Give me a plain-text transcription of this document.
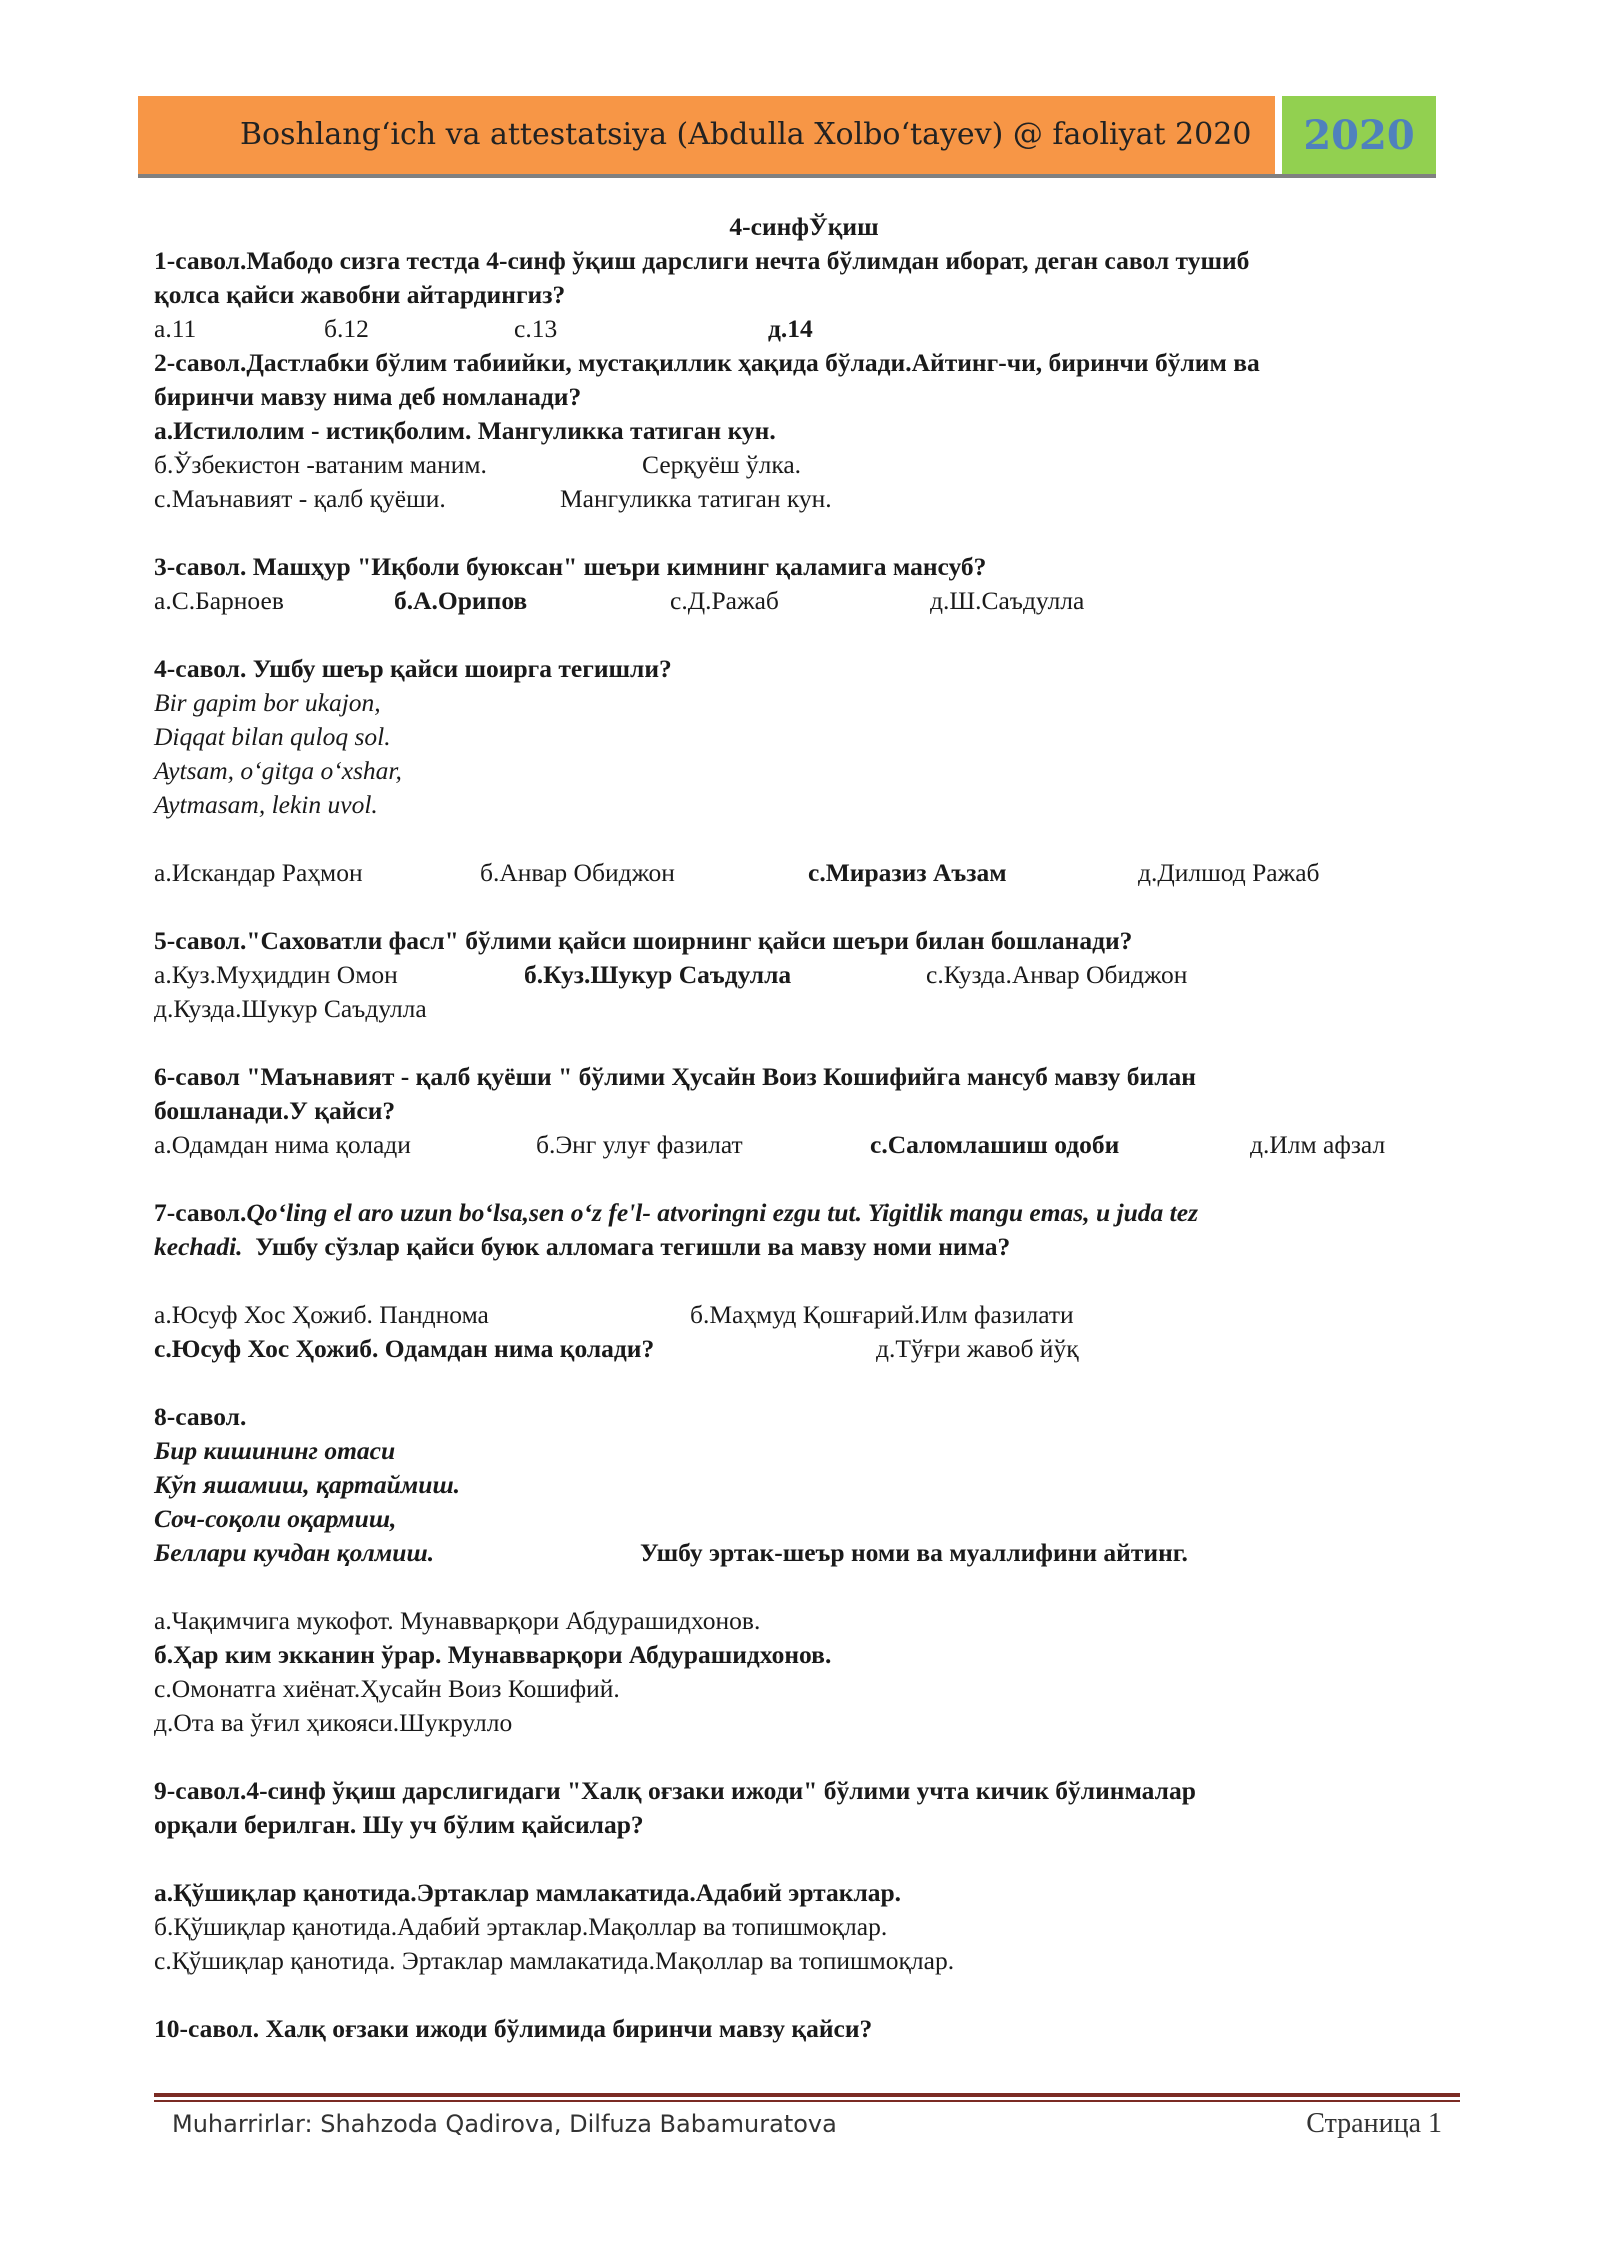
Boshlang‘ich va attestatsiya (Abdulla Xolbo‘tayev) @ faoliyat 2020	2020
4-синфЎқиш
1-савол.Мабодо сизга тестда 4-синф ўқиш дарслиги нечта бўлимдан иборат, деган савол тушиб
қолса қайси жавобни айтардингиз?
а.11	б.12	с.13	д.14
2-савол.Дастлабки бўлим табиийки, мустақиллик ҳақида бўлади.Айтинг-чи, биринчи бўлим ва
биринчи мавзу нима деб номланади?
а.Истилолим - истиқболим. Мангуликка татиган кун.
б.Ўзбекистон -ватаним маним.	Серқуёш ўлка.
с.Маънавият - қалб қуёши.	Мангуликка татиган кун.
3-савол. Машҳур "Иқболи буюксан" шеъри кимнинг қаламига мансуб?
а.С.Барноев	б.А.Орипов	с.Д.Ражаб	д.Ш.Саъдулла
4-савол. Ушбу шеър қайси шоирга тегишли?
Bir gapim bor ukajon,
Diqqat bilan quloq sol.
Aytsam, o‘gitga o‘xshar,
Aytmasam, lekin uvol.
а.Искандар Раҳмон	б.Анвар Обиджон	с.Миразиз Аъзам	д.Дилшод Ражаб
5-савол."Саховатли фасл" бўлими қайси шоирнинг қайси шеъри билан бошланади?
а.Куз.Муҳиддин Омон	б.Куз.Шукур Саъдулла	с.Кузда.Анвар Обиджон
д.Кузда.Шукур Саъдулла
6-савол "Маънавият - қалб қуёши " бўлими Ҳусайн Воиз Кошифийга мансуб мавзу билан
бошланади.У қайси?
а.Одамдан нима қолади	б.Энг улуғ фазилат	с.Саломлашиш одоби	д.Илм афзал
7-савол.Qo‘ling el aro uzun bo‘lsa,sen o‘z fe'l- atvoringni ezgu tut. Yigitlik mangu emas, u juda tez
kechadi.  Ушбу сўзлар қайси буюк алломага тегишли ва мавзу номи нима?
а.Юсуф Хос Ҳожиб. Панднома	б.Маҳмуд Қошғарий.Илм фазилати
с.Юсуф Хос Ҳожиб. Одамдан нима қолади?	д.Тўғри жавоб йўқ
8-савол.
Бир кишининг отаси
Кўп яшамиш, қартаймиш.
Соч-соқоли оқармиш,
Беллари кучдан қолмиш.	Ушбу эртак-шеър номи ва муаллифини айтинг.
а.Чақимчига мукофот. Мунавварқори Абдурашидхонов.
б.Ҳар ким экканин ўрар. Мунавварқори Абдурашидхонов.
с.Омонатга хиёнат.Ҳусайн Воиз Кошифий.
д.Ота ва ўғил ҳикояси.Шукрулло
9-савол.4-синф ўқиш дарслигидаги "Халқ оғзаки ижоди" бўлими учта кичик бўлинмалар
орқали берилган. Шу уч бўлим қайсилар?
а.Қўшиқлар қанотида.Эртаклар мамлакатида.Адабий эртаклар.
б.Қўшиқлар қанотида.Адабий эртаклар.Мақоллар ва топишмоқлар.
с.Қўшиқлар қанотида. Эртаклар мамлакатида.Мақоллар ва топишмоқлар.
10-савол. Халқ оғзаки ижоди бўлимида биринчи мавзу қайси?
Muharrirlar: Shahzoda Qadirova, Dilfuza Babamuratova	Страница 1
